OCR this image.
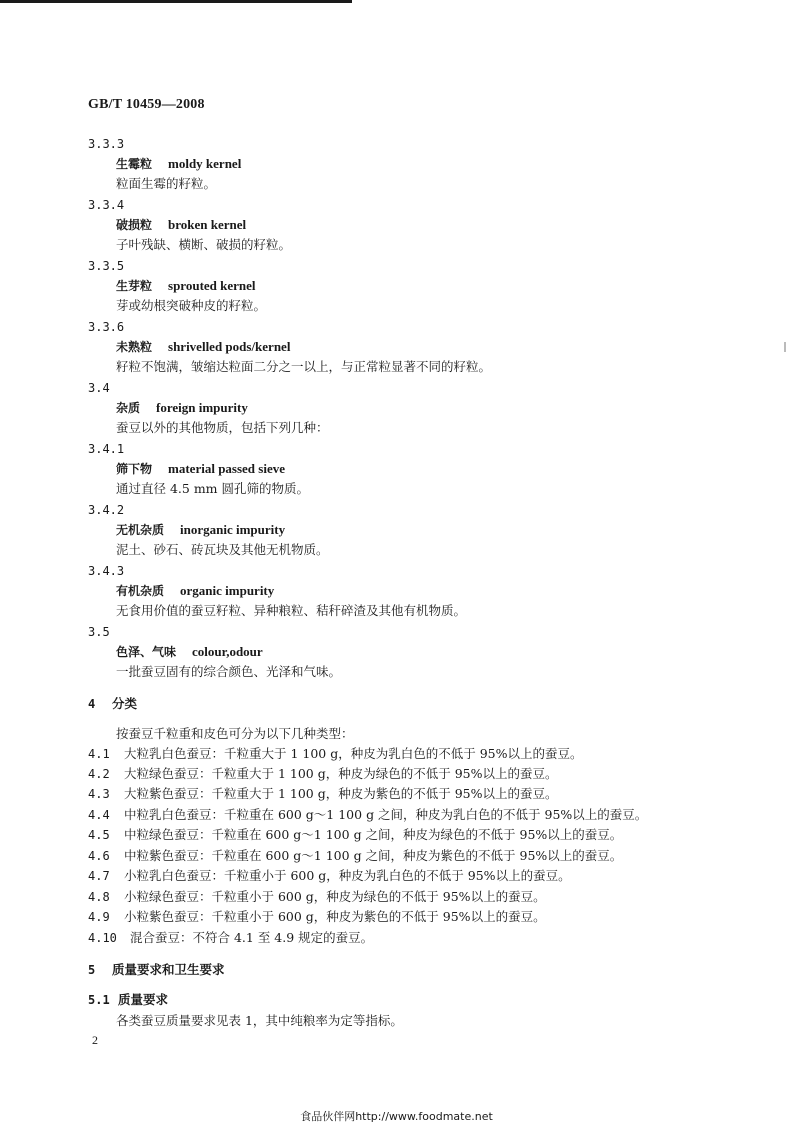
GB/T 10459—2008
3.3.3
生霉粒 moldy kernel
粒面生霉的籽粒。
3.3.4
破损粒 broken kernel
子叶残缺、横断、破损的籽粒。
3.3.5
生芽粒 sprouted kernel
芽或幼根突破种皮的籽粒。
3.3.6
未熟粒 shrivelled pods/kernel
籽粒不饱满，皱缩达粒面二分之一以上，与正常粒显著不同的籽粒。
3.4
杂质 foreign impurity
蚕豆以外的其他物质，包括下列几种：
3.4.1
筛下物 material passed sieve
通过直径 4.5 mm 圆孔筛的物质。
3.4.2
无机杂质 inorganic impurity
泥土、砂石、砖瓦块及其他无机物质。
3.4.3
有机杂质 organic impurity
无食用价值的蚕豆籽粒、异种粮粒、秸秆碎渣及其他有机物质。
3.5
色泽、气味 colour,odour
一批蚕豆固有的综合颜色、光泽和气味。
4 分类
按蚕豆千粒重和皮色可分为以下几种类型：
4.1 大粒乳白色蚕豆：千粒重大于 1 100 g，种皮为乳白色的不低于 95%以上的蚕豆。
4.2 大粒绿色蚕豆：千粒重大于 1 100 g，种皮为绿色的不低于 95%以上的蚕豆。
4.3 大粒紫色蚕豆：千粒重大于 1 100 g，种皮为紫色的不低于 95%以上的蚕豆。
4.4 中粒乳白色蚕豆：千粒重在 600 g～1 100 g 之间，种皮为乳白色的不低于 95%以上的蚕豆。
4.5 中粒绿色蚕豆：千粒重在 600 g～1 100 g 之间，种皮为绿色的不低于 95%以上的蚕豆。
4.6 中粒紫色蚕豆：千粒重在 600 g～1 100 g 之间，种皮为紫色的不低于 95%以上的蚕豆。
4.7 小粒乳白色蚕豆：千粒重小于 600 g，种皮为乳白色的不低于 95%以上的蚕豆。
4.8 小粒绿色蚕豆：千粒重小于 600 g，种皮为绿色的不低于 95%以上的蚕豆。
4.9 小粒紫色蚕豆：千粒重小于 600 g，种皮为紫色的不低于 95%以上的蚕豆。
4.10 混合蚕豆：不符合 4.1 至 4.9 规定的蚕豆。
5 质量要求和卫生要求
5.1 质量要求
各类蚕豆质量要求见表 1，其中纯粮率为定等指标。
2
食品伙伴网http://www.foodmate.net
